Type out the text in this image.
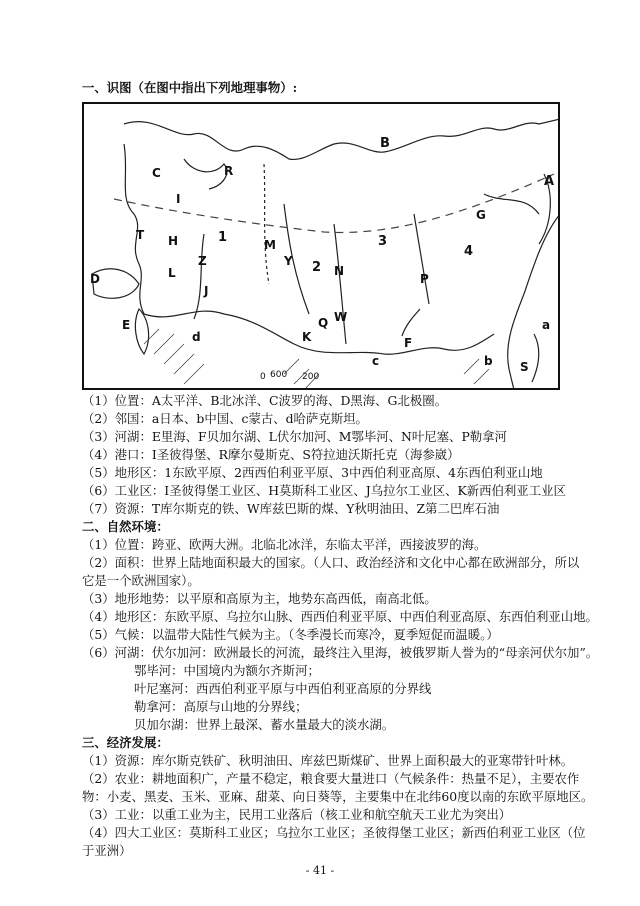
一、识图（在图中指出下列地理事物）:
B
G
R
C
I
T H	1	M
Y
3
4
2 N
Z
L
J
D
E
d	K
Q W
F
P
b S
a
c
A
0 600 200
（1）位置：A太平洋、B北冰洋、C波罗的海、D黑海、G北极圈。
（2）邻国：a日本、b中国、c蒙古、d哈萨克斯坦。
（3）河湖：E里海、F贝加尔湖、L伏尔加河、M鄂毕河、N叶尼塞、P勒拿河
（4）港口：I圣彼得堡、R摩尔曼斯克、S符拉迪沃斯托克（海参崴）
（5）地形区：1东欧平原、2西西伯利亚平原、3中西伯利亚高原、4东西伯利亚山地
（6）工业区：I圣彼得堡工业区、H莫斯科工业区、J乌拉尔工业区、K新西伯利亚工业区
（7）资源：T库尔斯克的铁、W库兹巴斯的煤、Y秋明油田、Z第二巴库石油
二、自然环境：
（1）位置：跨亚、欧两大洲。北临北冰洋，东临太平洋，西接波罗的海。
（2）面积：世界上陆地面积最大的国家。（人口、政治经济和文化中心都在欧洲部分，所以
它是一个欧洲国家）。
（3）地形地势：以平原和高原为主，地势东高西低，南高北低。
（4）地形区：东欧平原、乌拉尔山脉、西西伯利亚平原、中西伯利亚高原、东西伯利亚山地。
（5）气候：以温带大陆性气候为主。（冬季漫长而寒冷，夏季短促而温暖。）
（6）河湖：伏尔加河：欧洲最长的河流，最终注入里海，被俄罗斯人誉为的“母亲河伏尔加”。
鄂毕河：中国境内为额尔齐斯河；
叶尼塞河：西西伯利亚平原与中西伯利亚高原的分界线
勒拿河：高原与山地的分界线；
贝加尔湖：世界上最深、蓄水量最大的淡水湖。
三、经济发展：
（1）资源：库尔斯克铁矿、秋明油田、库兹巴斯煤矿、世界上面积最大的亚寒带针叶林。
（2）农业：耕地面积广，产量不稳定，粮食要大量进口（气候条件：热量不足），主要农作
物：小麦、黑麦、玉米、亚麻、甜菜、向日葵等，主要集中在北纬60度以南的东欧平原地区。
（3）工业：以重工业为主，民用工业落后（核工业和航空航天工业尤为突出）
（4）四大工业区：莫斯科工业区；乌拉尔工业区；圣彼得堡工业区；新西伯利亚工业区（位
于亚洲）
- 41 -
